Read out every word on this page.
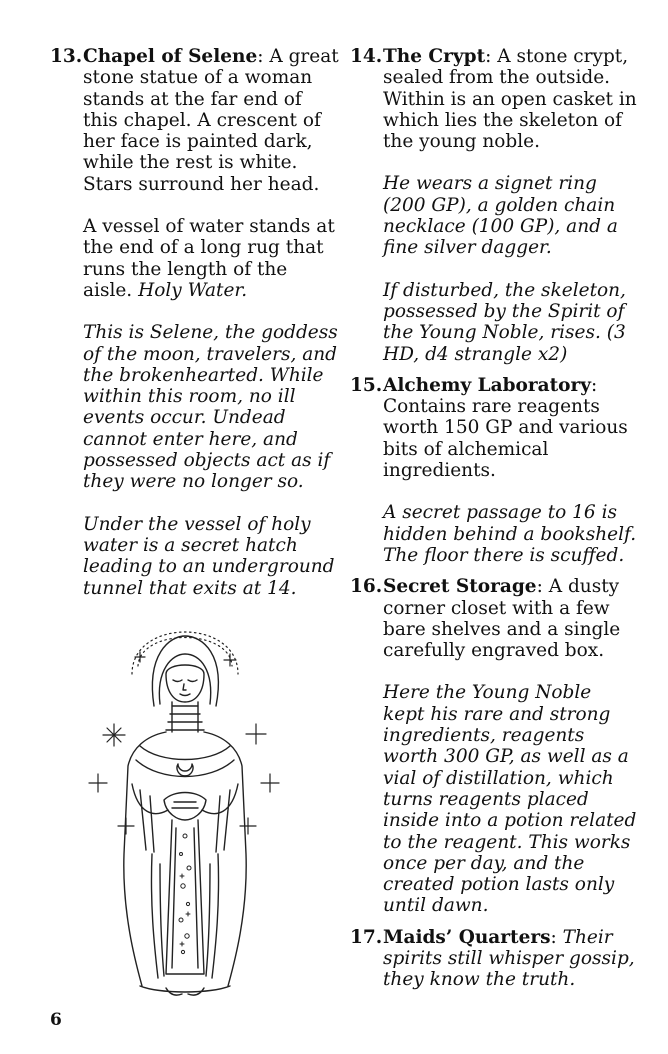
13. Chapel of Selene: A great stone statue of a woman stands at the far end of this chapel. A crescent of her face is painted dark, while the rest is white. Stars surround her head.

A vessel of water stands at the end of a long rug that runs the length of the aisle. Holy Water.

This is Selene, the goddess of the moon, travelers, and the brokenhearted. While within this room, no ill events occur. Undead cannot enter here, and possessed objects act as if they were no longer so.

Under the vessel of holy water is a secret hatch leading to an underground tunnel that exits at 14.

14. The Crypt: A stone crypt, sealed from the outside. Within is an open casket in which lies the skeleton of the young noble.

He wears a signet ring (200 GP), a golden chain necklace (100 GP), and a fine silver dagger.

If disturbed, the skeleton, possessed by the Spirit of the Young Noble, rises. (3 HD, d4 strangle x2)

15. Alchemy Laboratory: Contains rare reagents worth 150 GP and various bits of alchemical ingredients.

A secret passage to 16 is hidden behind a bookshelf. The floor there is scuffed.

16. Secret Storage: A dusty corner closet with a few bare shelves and a single carefully engraved box.

Here the Young Noble kept his rare and strong ingredients, reagents worth 300 GP, as well as a vial of distillation, which turns reagents placed inside into a potion related to the reagent. This works once per day, and the created potion lasts only until dawn.

17. Maids’ Quarters: Their spirits still whisper gossip, they know the truth.

6
